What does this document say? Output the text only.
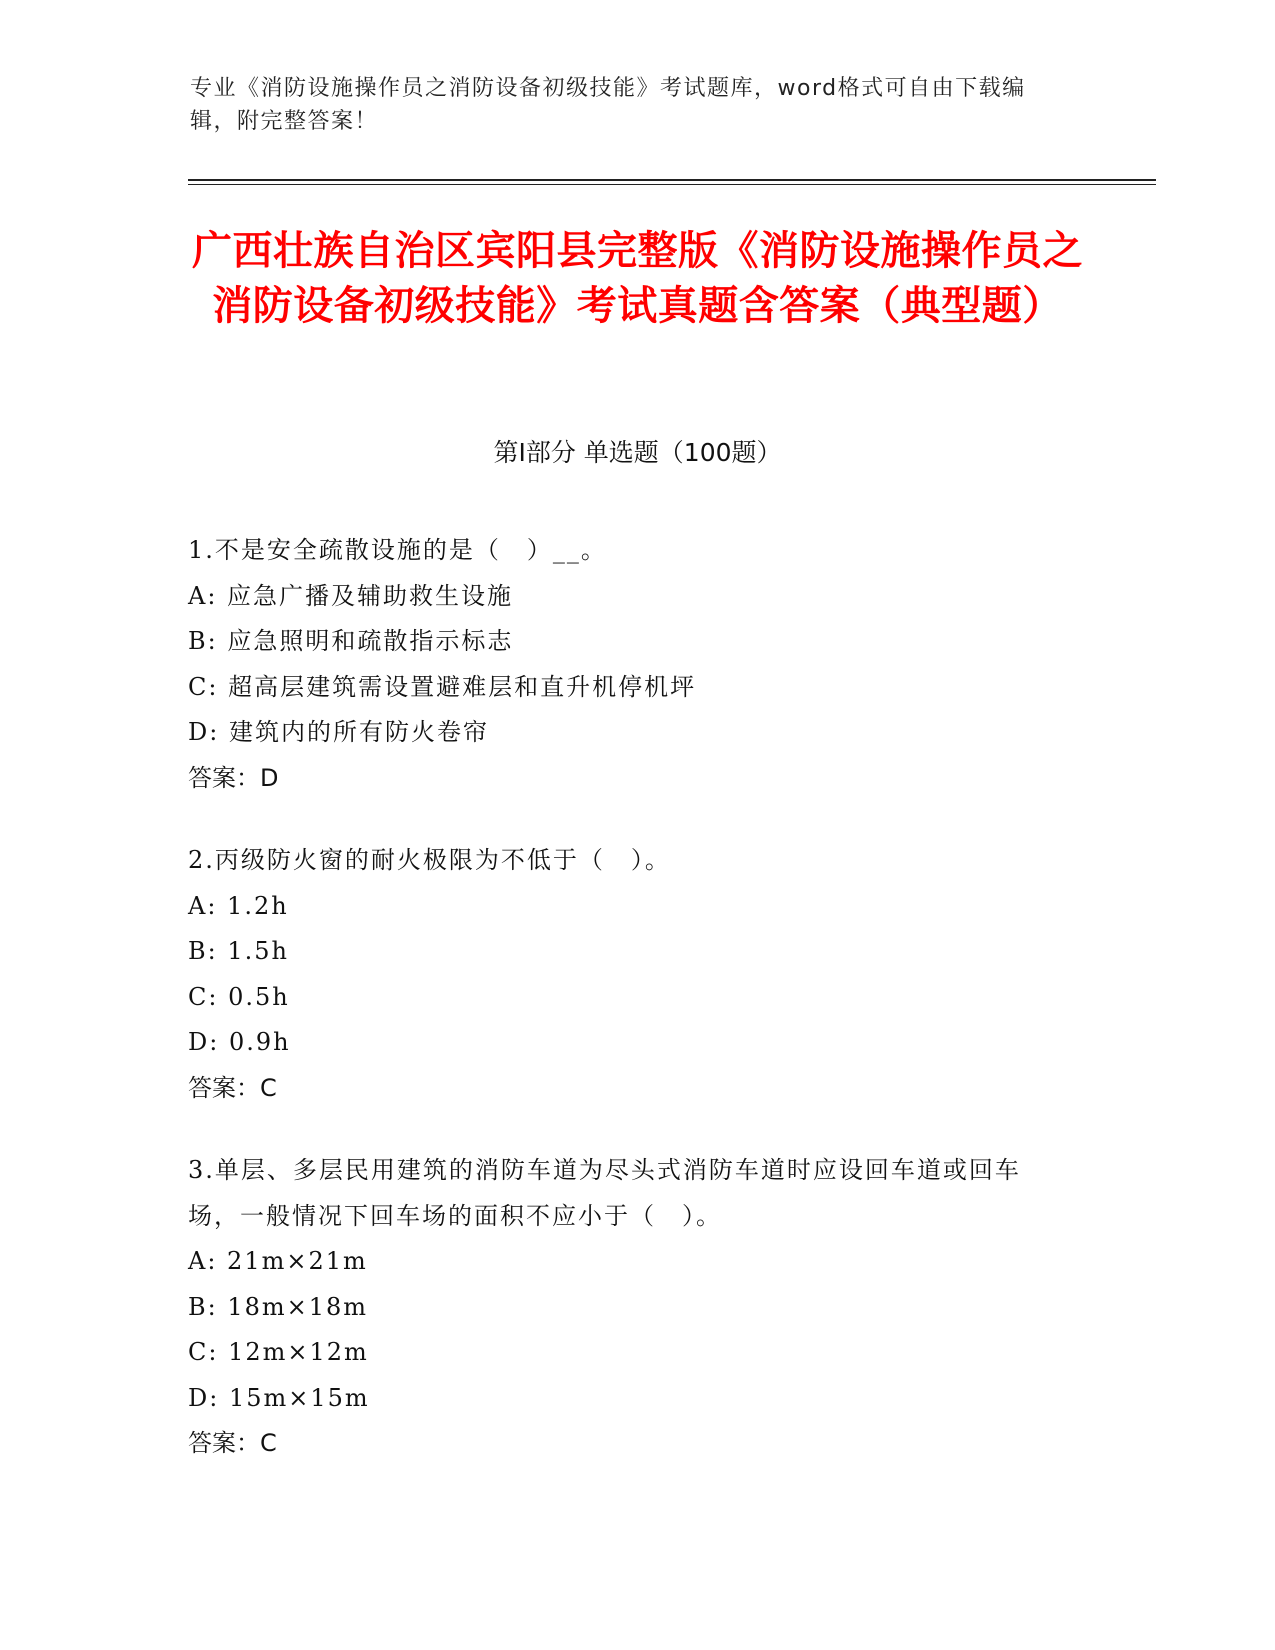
专业《消防设施操作员之消防设备初级技能》考试题库，word格式可自由下载编辑，附完整答案！
广西壮族自治区宾阳县完整版《消防设施操作员之消防设备初级技能》考试真题含答案（典型题）
第I部分 单选题（100题）
1.不是安全疏散设施的是（　）__。
A: 应急广播及辅助救生设施
B: 应急照明和疏散指示标志
C: 超高层建筑需设置避难层和直升机停机坪
D: 建筑内的所有防火卷帘
答案：D
2.丙级防火窗的耐火极限为不低于（　）。
A: 1.2h
B: 1.5h
C: 0.5h
D: 0.9h
答案：C
3.单层、多层民用建筑的消防车道为尽头式消防车道时应设回车道或回车场，一般情况下回车场的面积不应小于（　）。
A: 21m×21m
B: 18m×18m
C: 12m×12m
D: 15m×15m
答案：C
